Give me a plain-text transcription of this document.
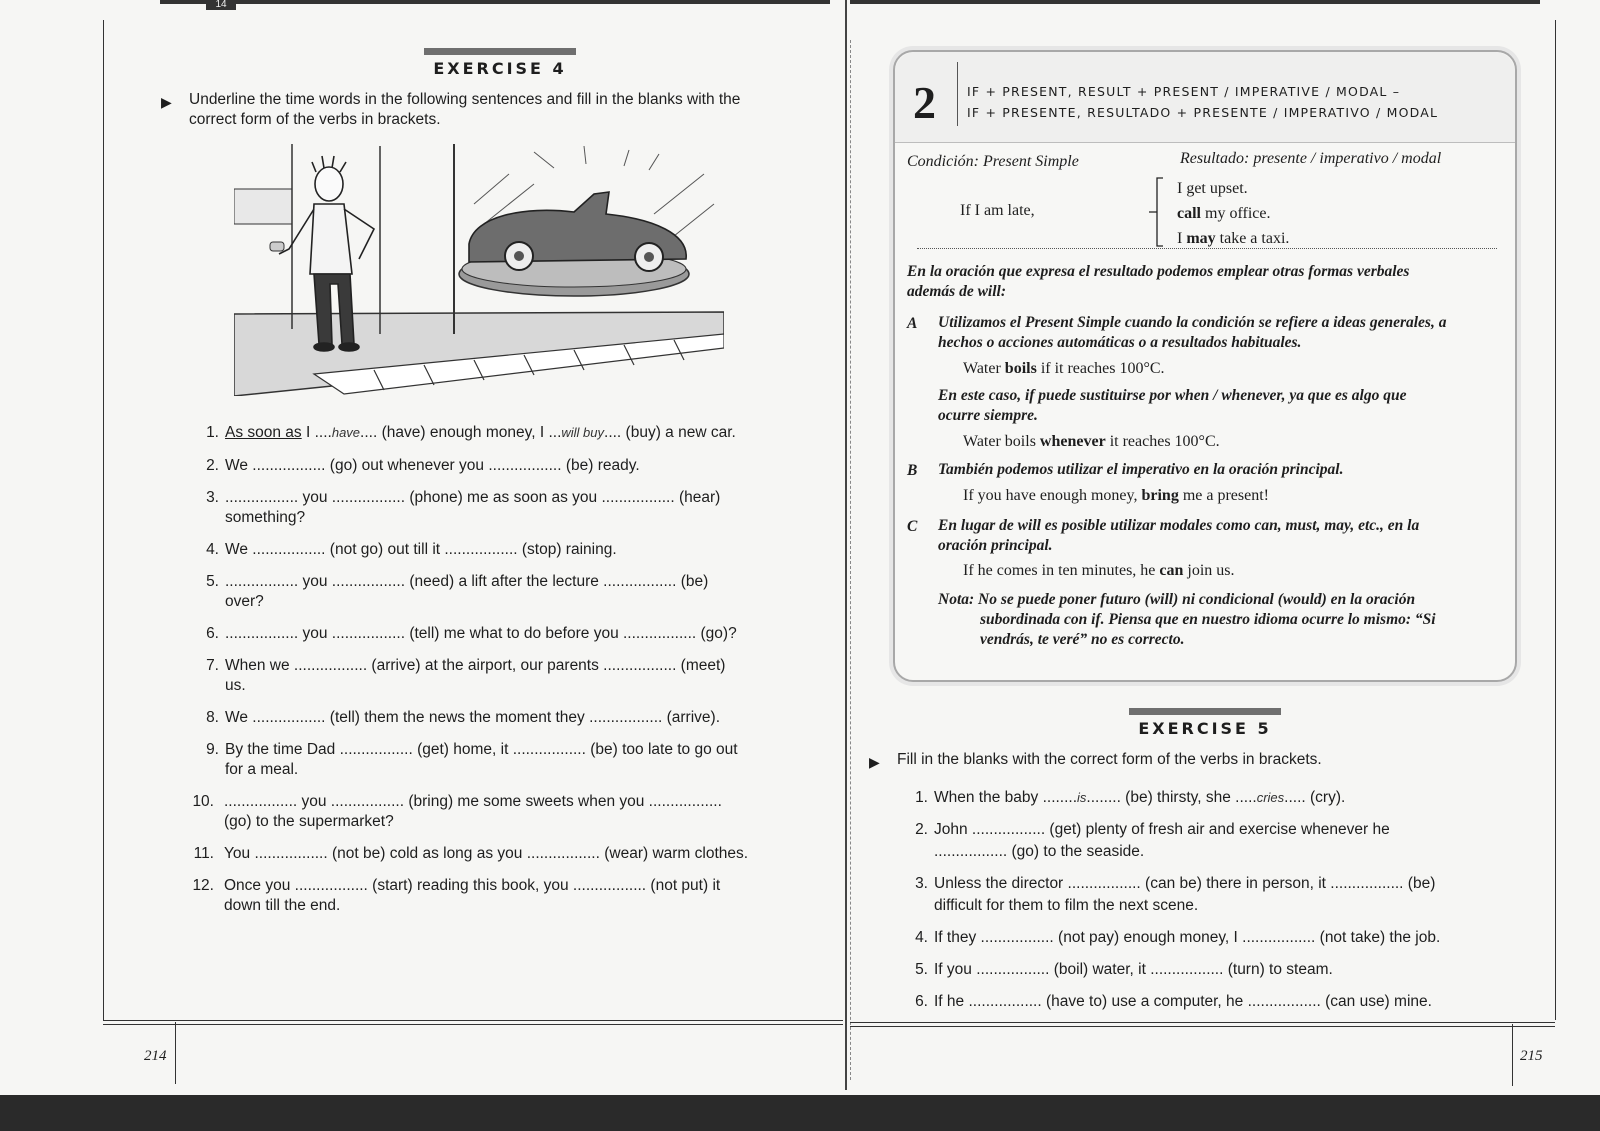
14
214	215
EXERCISE 4
▶ Underline the time words in the following sentences and fill in the blanks with the
correct form of the verbs in brackets.
1. As soon as I ....have.... (have) enough money, I ...will buy.... (buy) a new car.
2. We ................. (go) out whenever you ................. (be) ready.
3. ................. you ................. (phone) me as soon as you ................. (hear)
something?
4. We ................. (not go) out till it ................. (stop) raining.
5. ................. you ................. (need) a lift after the lecture ................. (be)
over?
6. ................. you ................. (tell) me what to do before you ................. (go)?
7. When we ................. (arrive) at the airport, our parents ................. (meet)
us.
8. We ................. (tell) them the news the moment they ................. (arrive).
9. By the time Dad ................. (get) home, it ................. (be) too late to go out
for a meal.
10. ................. you ................. (bring) me some sweets when you .................
(go) to the supermarket?
11. You ................. (not be) cold as long as you ................. (wear) warm clothes.
12. Once you ................. (start) reading this book, you ................. (not put) it
down till the end.
2 IF + PRESENT, RESULT + PRESENT / IMPERATIVE / MODAL –
IF + PRESENTE, RESULTADO + PRESENTE / IMPERATIVO / MODAL
Condición: Present Simple	Resultado: presente / imperativo / modal
If I am late,
I get upset.
call my office.
I may take a taxi.
En la oración que expresa el resultado podemos emplear otras formas verbales
además de will:
A Utilizamos el Present Simple cuando la condición se refiere a ideas generales, a
hechos o acciones automáticas o a resultados habituales.
Water boils if it reaches 100°C.
En este caso, if puede sustituirse por when / whenever, ya que es algo que
ocurre siempre.
Water boils whenever it reaches 100°C.
B También podemos utilizar el imperativo en la oración principal.
If you have enough money, bring me a present!
C En lugar de will es posible utilizar modales como can, must, may, etc., en la
oración principal.
If he comes in ten minutes, he can join us.
Nota: No se puede poner futuro (will) ni condicional (would) en la oración
subordinada con if. Piensa que en nuestro idioma ocurre lo mismo: “Si
vendrás, te veré” no es correcto.
EXERCISE 5
▶ Fill in the blanks with the correct form of the verbs in brackets.
1. When the baby ........is........ (be) thirsty, she .....cries..... (cry).
2. John ................. (get) plenty of fresh air and exercise whenever he
................. (go) to the seaside.
3. Unless the director ................. (can be) there in person, it ................. (be)
difficult for them to film the next scene.
4. If they ................. (not pay) enough money, I ................. (not take) the job.
5. If you ................. (boil) water, it ................. (turn) to steam.
6. If he ................. (have to) use a computer, he ................. (can use) mine.
